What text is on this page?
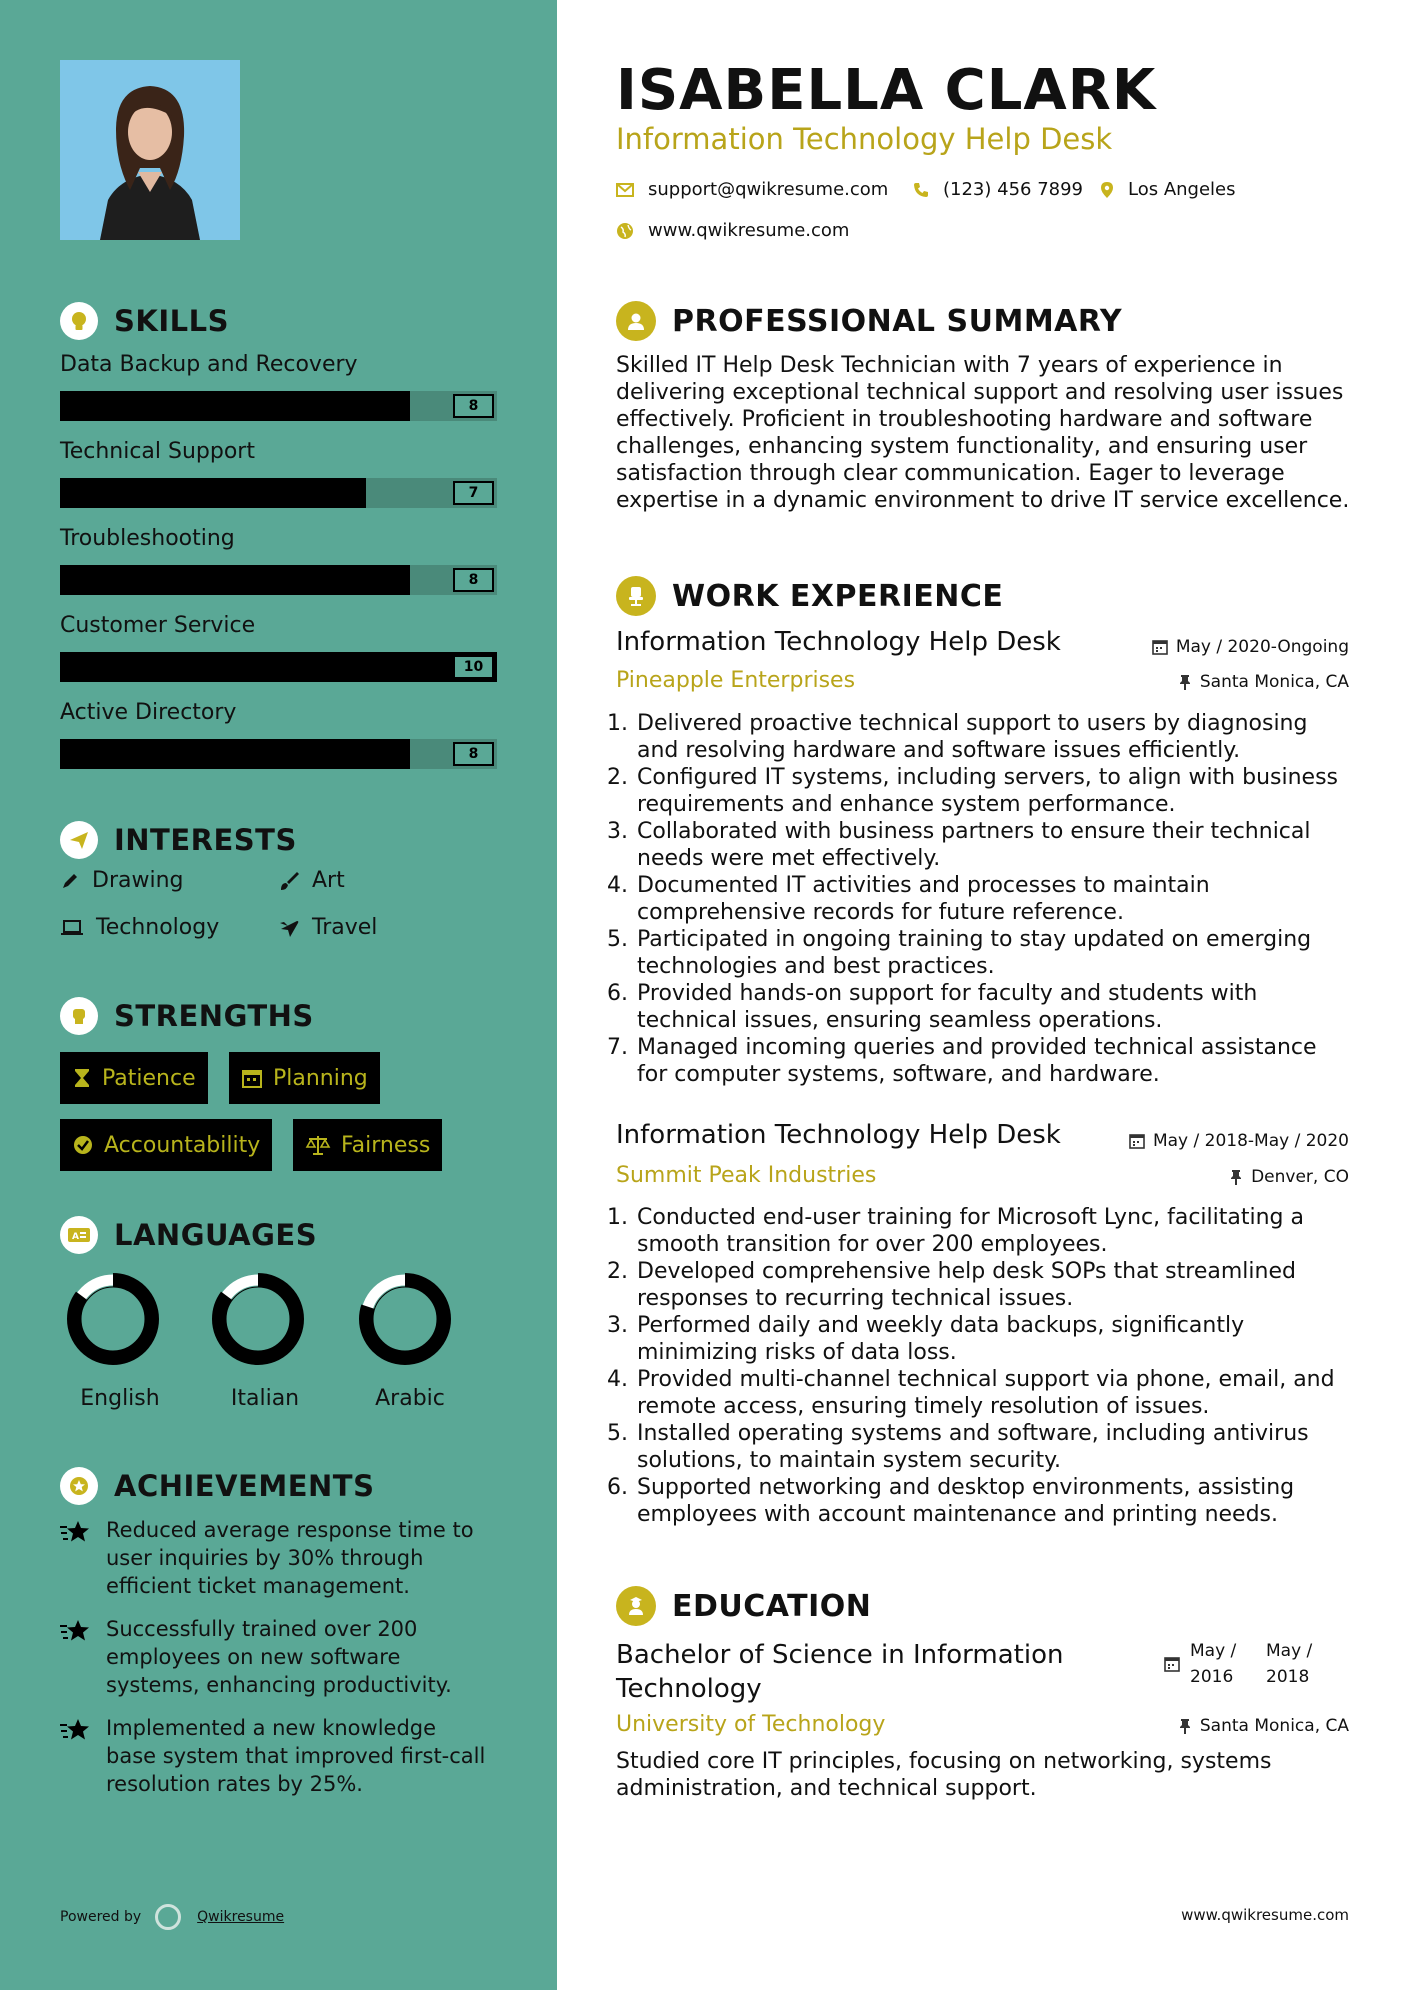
SKILLS
Data Backup and Recovery
8
Technical Support
7
Troubleshooting
8
Customer Service
10
Active Directory
8
INTERESTS
Drawing	Art
Technology	Travel
STRENGTHS
Patience	Planning
Accountability	Fairness
A LANGUAGES
English	Italian	Arabic
ACHIEVEMENTS
Reduced average response time to user inquiries by 30% through efficient ticket management.
Successfully trained over 200 employees on new software systems, enhancing productivity.
Implemented a new knowledge base system that improved first-call resolution rates by 25%.
Powered by	Qwikresume
ISABELLA CLARK
Information Technology Help Desk
support@qwikresume.com	(123) 456 7899 Los Angeles
www.qwikresume.com
PROFESSIONAL SUMMARY
Skilled IT Help Desk Technician with 7 years of experience in delivering exceptional technical support and resolving user issues effectively. Proficient in troubleshooting hardware and software challenges, enhancing system functionality, and ensuring user satisfaction through clear communication. Eager to leverage expertise in a dynamic environment to drive IT service excellence.
WORK EXPERIENCE
Information Technology Help Desk	May / 2020-Ongoing
Pineapple Enterprises	Santa Monica, CA
1. Delivered proactive technical support to users by diagnosing and resolving hardware and software issues efficiently.
2. Configured IT systems, including servers, to align with business requirements and enhance system performance.
3. Collaborated with business partners to ensure their technical needs were met effectively.
4. Documented IT activities and processes to maintain comprehensive records for future reference.
5. Participated in ongoing training to stay updated on emerging technologies and best practices.
6. Provided hands-on support for faculty and students with technical issues, ensuring seamless operations.
7. Managed incoming queries and provided technical assistance for computer systems, software, and hardware.
Information Technology Help Desk	May / 2018-May / 2020
Summit Peak Industries	Denver, CO
1. Conducted end-user training for Microsoft Lync, facilitating a smooth transition for over 200 employees.
2. Developed comprehensive help desk SOPs that streamlined responses to recurring technical issues.
3. Performed daily and weekly data backups, significantly minimizing risks of data loss.
4. Provided multi-channel technical support via phone, email, and remote access, ensuring timely resolution of issues.
5. Installed operating systems and software, including antivirus solutions, to maintain system security.
6. Supported networking and desktop environments, assisting employees with account maintenance and printing needs.
EDUCATION
Bachelor of Science in Information Technology
May /
2016
May /
2018
University of Technology	Santa Monica, CA
Studied core IT principles, focusing on networking, systems administration, and technical support.
www.qwikresume.com
